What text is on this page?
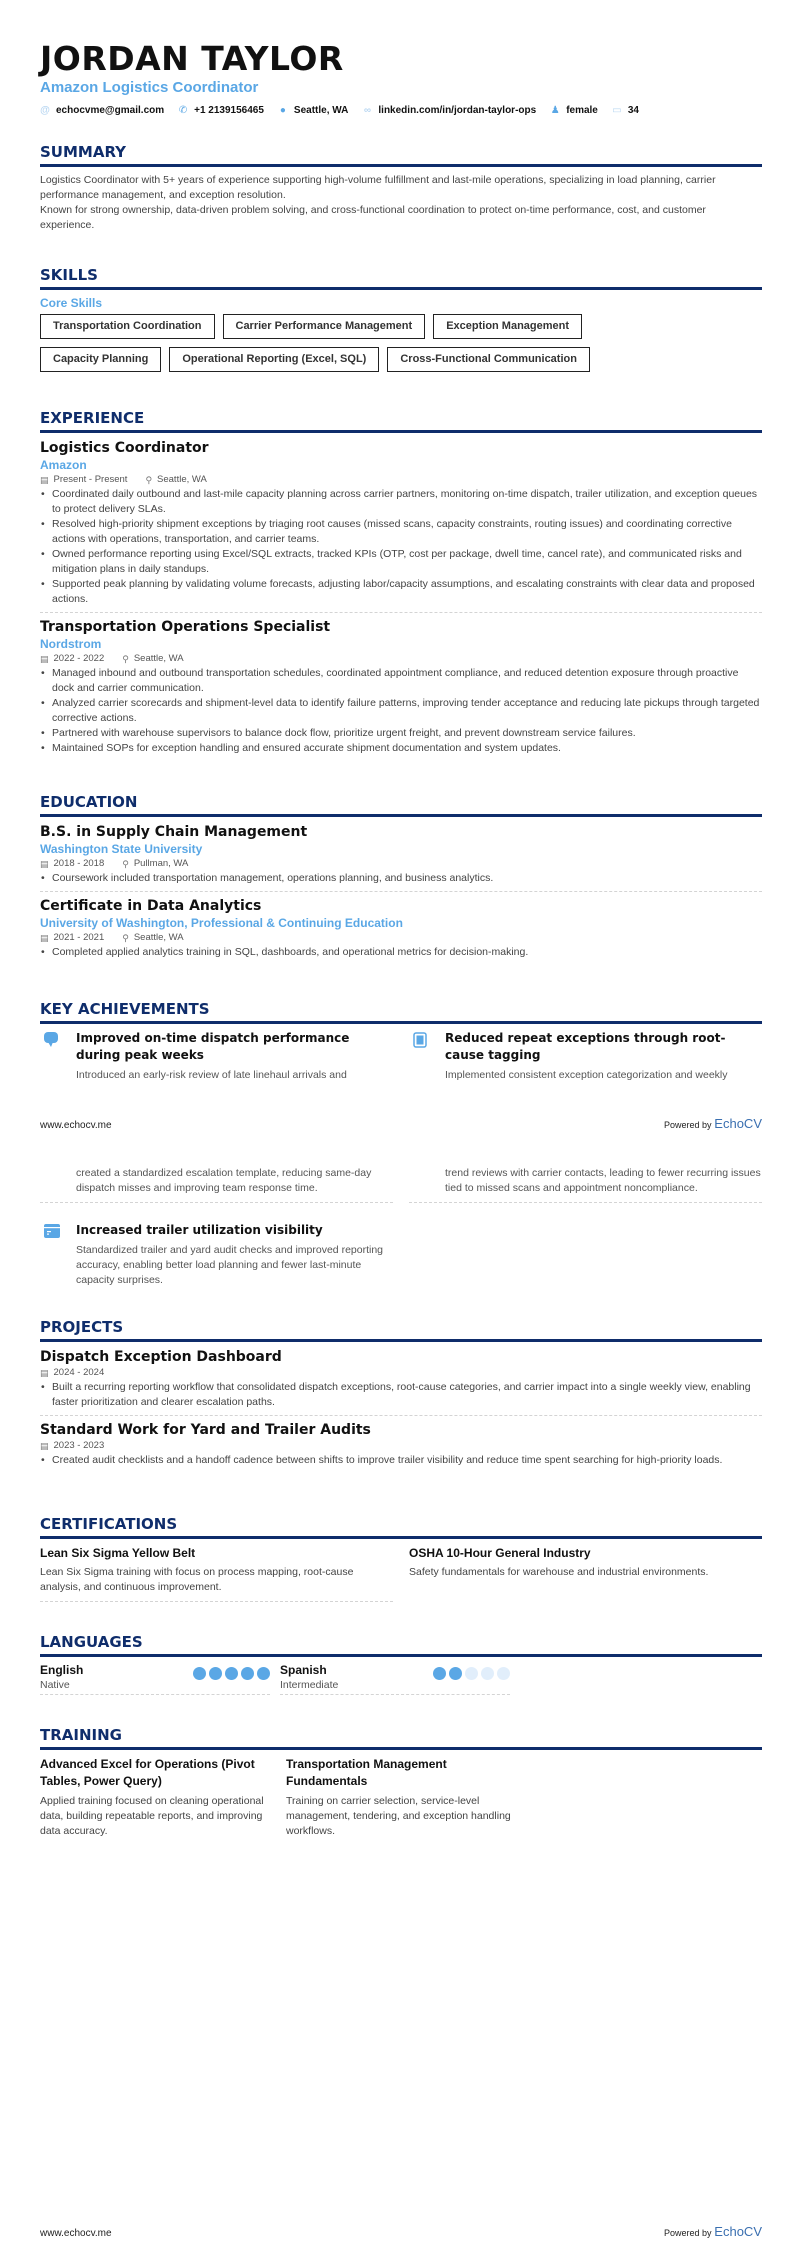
JORDAN TAYLOR
Amazon Logistics Coordinator
@ echocvme@gmail.com ✆ +1 2139156465 ● Seattle, WA ∞ linkedin.com/in/jordan-taylor-ops ♟ female ▭ 34
SUMMARY

Logistics Coordinator with 5+ years of experience supporting high-volume fulfillment and last-mile operations, specializing in load planning, carrier performance management, and exception resolution.

Known for strong ownership, data-driven problem solving, and cross-functional coordination to protect on-time performance, cost, and customer experience.

SKILLS
Core Skills
Transportation Coordination	Carrier Performance Management	Exception Management
Capacity Planning	Operational Reporting (Excel, SQL)	Cross-Functional Communication
EXPERIENCE
Logistics Coordinator
Amazon
▤ Present - Present ⚲ Seattle, WA
• Coordinated daily outbound and last-mile capacity planning across carrier partners, monitoring on-time dispatch, trailer utilization, and exception queues to protect delivery SLAs.
• Resolved high-priority shipment exceptions by triaging root causes (missed scans, capacity constraints, routing issues) and coordinating corrective actions with operations, transportation, and carrier teams.
• Owned performance reporting using Excel/SQL extracts, tracked KPIs (OTP, cost per package, dwell time, cancel rate), and communicated risks and mitigation plans in daily standups.
• Supported peak planning by validating volume forecasts, adjusting labor/capacity assumptions, and escalating constraints with clear data and proposed actions.
Transportation Operations Specialist
Nordstrom
▤ 2022 - 2022 ⚲ Seattle, WA
• Managed inbound and outbound transportation schedules, coordinated appointment compliance, and reduced detention exposure through proactive dock and carrier communication.
• Analyzed carrier scorecards and shipment-level data to identify failure patterns, improving tender acceptance and reducing late pickups through targeted corrective actions.
• Partnered with warehouse supervisors to balance dock flow, prioritize urgent freight, and prevent downstream service failures.
• Maintained SOPs for exception handling and ensured accurate shipment documentation and system updates.
EDUCATION
B.S. in Supply Chain Management
Washington State University
▤ 2018 - 2018 ⚲ Pullman, WA
• Coursework included transportation management, operations planning, and business analytics.
Certificate in Data Analytics
University of Washington, Professional & Continuing Education
▤ 2021 - 2021 ⚲ Seattle, WA
• Completed applied analytics training in SQL, dashboards, and operational metrics for decision-making.
KEY ACHIEVEMENTS
Improved on-time dispatch performance during peak weeks
Introduced an early-risk review of late linehaul arrivals and
Reduced repeat exceptions through root-cause tagging
Implemented consistent exception categorization and weekly
www.echocv.me	Powered by EchoCV
created a standardized escalation template, reducing same-day dispatch misses and improving team response time.
trend reviews with carrier contacts, leading to fewer recurring issues tied to missed scans and appointment noncompliance.
Increased trailer utilization visibility
Standardized trailer and yard audit checks and improved reporting accuracy, enabling better load planning and fewer last-minute capacity surprises.
PROJECTS
Dispatch Exception Dashboard
▤ 2024 - 2024
• Built a recurring reporting workflow that consolidated dispatch exceptions, root-cause categories, and carrier impact into a single weekly view, enabling faster prioritization and clearer escalation paths.
Standard Work for Yard and Trailer Audits
▤ 2023 - 2023
• Created audit checklists and a handoff cadence between shifts to improve trailer visibility and reduce time spent searching for high-priority loads.
CERTIFICATIONS
Lean Six Sigma Yellow Belt
Lean Six Sigma training with focus on process mapping, root-cause analysis, and continuous improvement.
OSHA 10-Hour General Industry
Safety fundamentals for warehouse and industrial environments.
LANGUAGES
English
Native
Spanish
Intermediate
TRAINING
Advanced Excel for Operations (Pivot Tables, Power Query)
Applied training focused on cleaning operational data, building repeatable reports, and improving data accuracy.
Transportation Management Fundamentals
Training on carrier selection, service-level management, tendering, and exception handling workflows.
www.echocv.me	Powered by EchoCV
